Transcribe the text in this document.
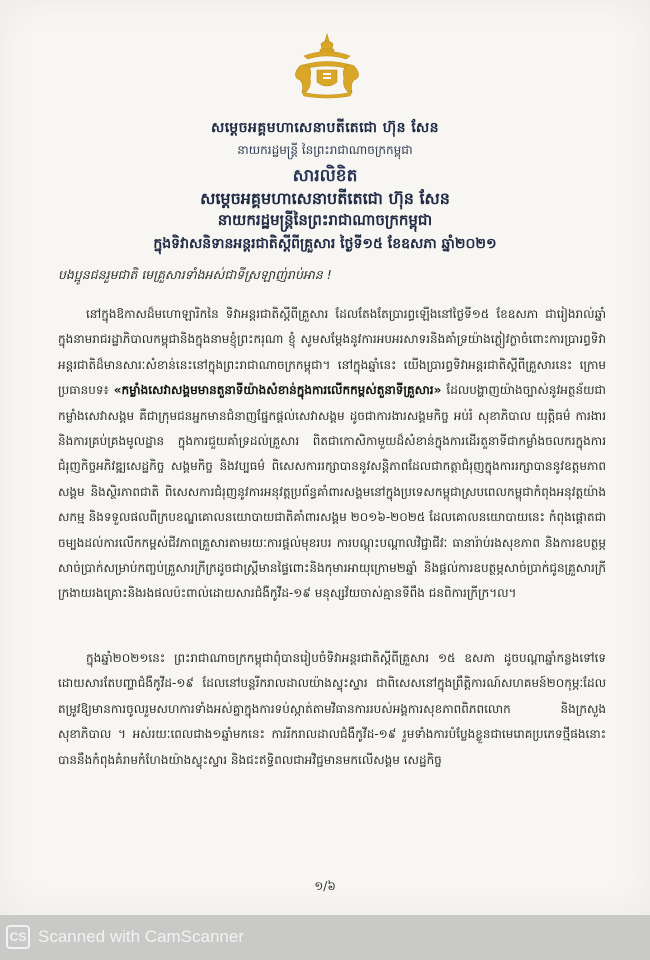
សម្តេចអគ្គមហាសេនាបតីតេជោ ហ៊ុន សែន
នាយករដ្ឋមន្ត្រី នៃព្រះរាជាណាចក្រកម្ពុជា
សារលិខិត
សម្តេចអគ្គមហាសេនាបតីតេជោ ហ៊ុន សែន
នាយករដ្ឋមន្ត្រីនៃព្រះរាជាណាចក្រកម្ពុជា
ក្នុងទិវាសនិទានអន្តរជាតិស្តីពីគ្រួសារ ថ្ងៃទី១៥ ខែឧសភា ឆ្នាំ២០២១
បងប្អូនជនរួមជាតិ មេគ្រួសារទាំងអស់ជាទីស្រឡាញ់រាប់អាន !
នៅក្នុងឱកាសដ៏មហោឡារិកនៃ ទិវាអន្តរជាតិស្តីពីគ្រួសារ ដែលតែងតែប្រារព្ធឡើងនៅថ្ងៃទី១៥ ខែឧសភា ជារៀងរាល់ឆ្នាំ ក្នុងនាមរាជរដ្ឋាភិបាលកម្ពុជានិងក្នុងនាមខ្ញុំព្រះករុណា ខ្ញុំ សូមសម្តែងនូវការអបអរសាទរនិងគាំទ្រយ៉ាងភ្លៀវក្លាចំពោះការប្រារព្ធទិវាអន្តរជាតិដ៏មានសារៈសំខាន់នេះនៅក្នុងព្រះរាជាណាចក្រកម្ពុជា។ នៅក្នុងឆ្នាំនេះ យើងប្រារព្ធទិវាអន្តរជាតិស្តីពីគ្រួសារនេះ ក្រោមប្រធានបទ៖ «កម្លាំងសេវាសង្គមមានតួនាទីយ៉ាងសំខាន់ក្នុងការលើកកម្ពស់តួនាទីគ្រួសារ» ដែលបង្ហាញយ៉ាងច្បាស់នូវអត្ថន័យជាកម្លាំងសេវាសង្គម គឺជាក្រុមជនអ្នកមានជំនាញផ្នែកផ្តល់សេវាសង្គម ដូចជាការងារសង្គមកិច្ច អប់រំ សុខាភិបាល យុត្តិធម៌ ការងារ និងការគ្រប់គ្រងមូលដ្ឋាន ក្នុងការជួយគាំទ្រដល់គ្រួសារ ពិតជាកោសិកាមួយដ៏សំខាន់ក្នុងការដើរតួនាទីជាកម្លាំងចលករក្នុងការជំរុញកិច្ចអភិវឌ្ឍសេដ្ឋកិច្ច សង្គមកិច្ច និងវប្បធម៌ ពិសេសការរក្សាបាននូវសន្តិភាពដែលជាកត្តាជំរុញក្នុងការរក្សាបាននូវឧត្តមភាពសង្គម និងស្ថិរភាពជាតិ ពិសេសការជំរុញនូវការអនុវត្តប្រព័ន្ធគាំពារសង្គមនៅក្នុងប្រទេសកម្ពុជាស្របពេលកម្ពុជាកំពុងអនុវត្តយ៉ាងសកម្ម និងទទួលផលពីក្របខណ្ឌគោលនយោបាយជាតិគាំពារសង្គម ២០១៦-២០២៥ ដែលគោលនយោបាយនេះ កំពុងផ្តោតជាចម្បងដល់ការលើកកម្ពស់ជីវភាពគ្រួសារតាមរយៈការផ្តល់មុខរបរ ការបណ្តុះបណ្តាលវិជ្ជាជីវៈ ធានារ៉ាប់រងសុខភាព និងការឧបត្ថម្ភសាច់ប្រាក់សម្រាប់កញ្ចប់គ្រួសារក្រីក្រដូចជាស្ត្រីមានផ្ទៃពោះនិងកុមារអាយុក្រោម២ឆ្នាំ និងផ្តល់ការឧបត្ថម្ភសាច់ប្រាក់ជូនគ្រួសារក្រីក្រងាយរងគ្រោះនិងរងផលប៉ះពាល់ដោយសារជំងឺកូវីដ-១៩ មនុស្សវ័យចាស់គ្មានទីពឹង ជនពិការក្រីក្រ។ល។
ក្នុងឆ្នាំ២០២១នេះ ព្រះរាជាណាចក្រកម្ពុជាពុំបានរៀបចំទិវាអន្តរជាតិស្តីពីគ្រួសារ ១៥ ឧសភា ដូចបណ្តាឆ្នាំកន្លងទៅទេដោយសារតែបញ្ហាជំងឺកូវីដ-១៩ ដែលនៅបន្តរីករាលដាលយ៉ាងស្ទុះស្ទារ ជាពិសេសនៅក្នុងព្រឹត្តិការណ៍សហគមន៍២០កុម្ភៈដែលតម្រូវឱ្យមានការចូលរួមសហការទាំងអស់គ្នាក្នុងការទប់ស្កាត់តាមវិធានការរបស់អង្គការសុខភាពពិភពលោក និងក្រសួងសុខាភិបាល ។ អស់រយៈពេលជាង១ឆ្នាំមកនេះ ការរីករាលដាលជំងឺកូវីដ-១៩ រួមទាំងការបំប្លែងខ្លួនជាមេរោគប្រភេទថ្មីផងនោះ បាននឹងកំពុងគំរាមកំហែងយ៉ាងស្ទុះស្ទារ និងជះឥទ្ធិពលជាអវិជ្ជមានមកលើសង្គម សេដ្ឋកិច្ច
១/៦
CS Scanned with CamScanner
